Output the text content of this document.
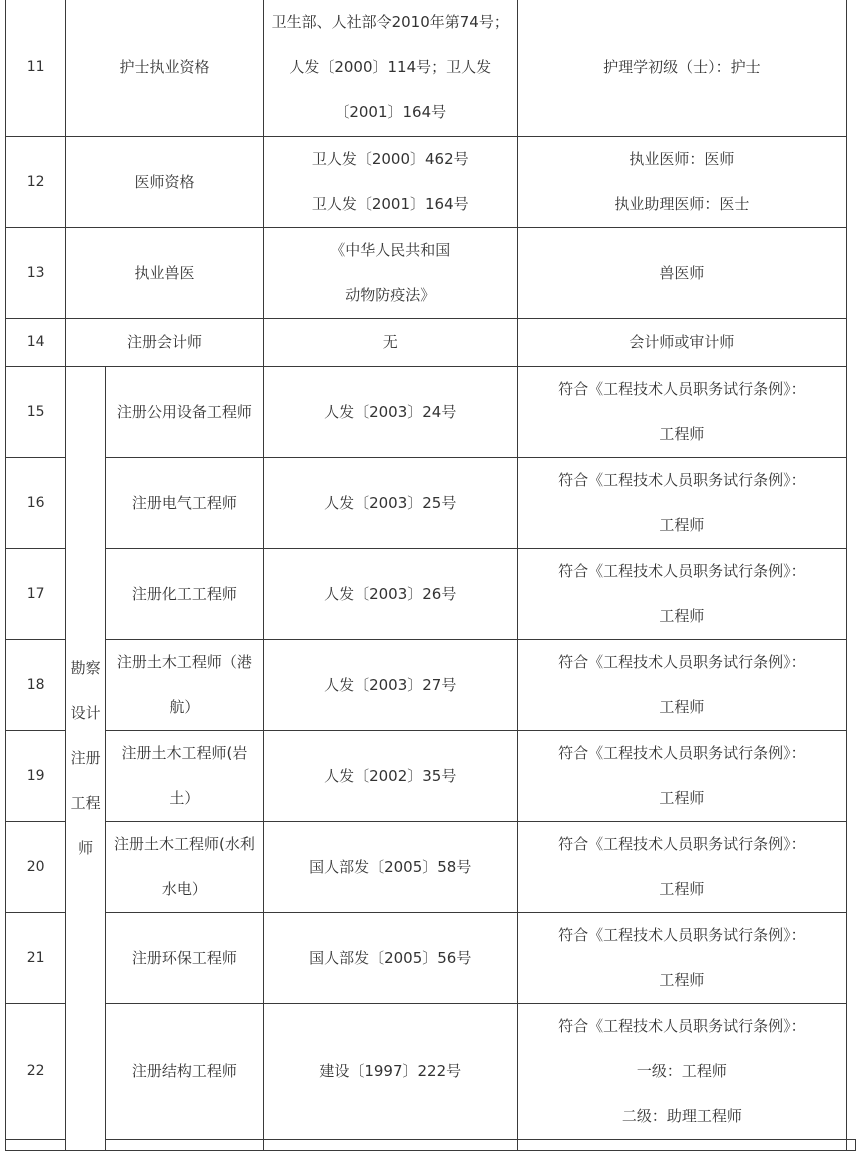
11	护士执业资格		卫生部、人社部令2010年第74号；
人发〔2000〕114号；卫人发
〔2001〕164号	护理学初级（士）：护士	

12	医师资格		卫人发〔2000〕462号
卫人发〔2001〕164号	执业医师：医师
执业助理医师：医士	

13	执业兽医		《中华人民共和国
动物防疫法》	兽医师	

14	注册会计师		无	会计师或审计师	

15	勘察
设计
注册
工程
师	注册公用设备工程师	人发〔2003〕24号	符合《工程技术人员职务试行条例》：
工程师	

16		注册电气工程师	人发〔2003〕25号	符合《工程技术人员职务试行条例》：
工程师	

17		注册化工工程师	人发〔2003〕26号	符合《工程技术人员职务试行条例》：
工程师	

18		注册土木工程师（港
航）	人发〔2003〕27号	符合《工程技术人员职务试行条例》：
工程师	

19		注册土木工程师(岩
土）	人发〔2002〕35号	符合《工程技术人员职务试行条例》：
工程师	

20		注册土木工程师(水利
水电）	国人部发〔2005〕58号	符合《工程技术人员职务试行条例》：
工程师	

21		注册环保工程师	国人部发〔2005〕56号	符合《工程技术人员职务试行条例》：
工程师	

22		注册结构工程师	建设〔1997〕222号	符合《工程技术人员职务试行条例》：
一级：工程师
二级：助理工程师	
